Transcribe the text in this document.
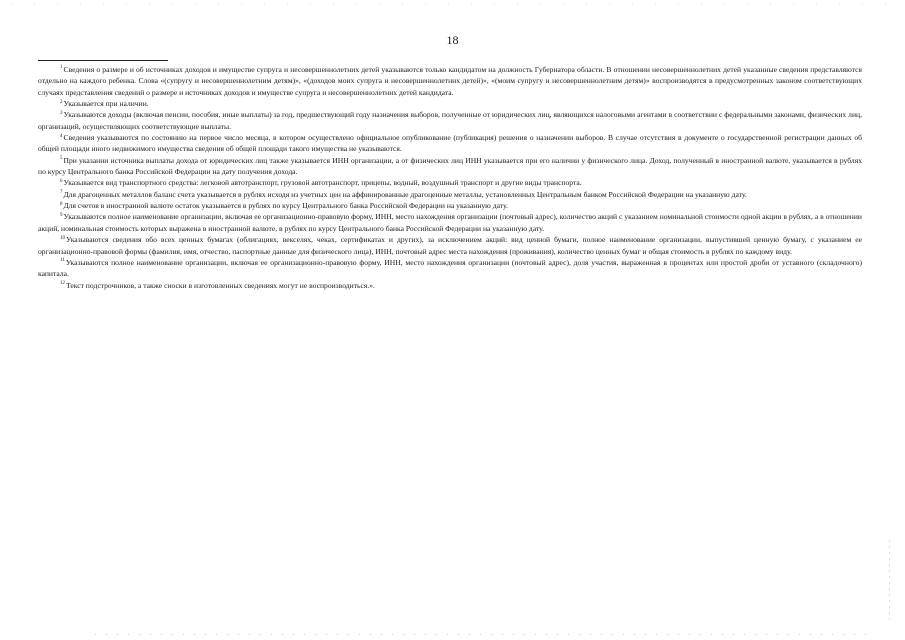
18

$^1$Сведения о размере и об источниках доходов и имуществе супруга и несовершеннолетних детей указываются только кандидатом на должность Губернатора области. В отношении несовершеннолетних детей указанные сведения представляются отдельно на каждого ребенка. Слова «(супругу и несовершеннолетним детям)», «(доходов моих супруга и несовершеннолетних детей)», «(моим супругу и несовершеннолетним детям)» воспроизводятся в предусмотренных законом соответствующих случаях представления сведений о размере и источниках доходов и имуществе супруга и несовершеннолетних детей кандидата.

$^2$Указывается при наличии.

$^3$Указываются доходы (включая пенсии, пособия, иные выплаты) за год, предшествующий году назначения выборов, полученные от юридических лиц, являющихся налоговыми агентами в соответствии с федеральными законами, физических лиц, организаций, осуществляющих соответствующие выплаты.

$^4$Сведения указываются по состоянию на первое число месяца, в котором осуществлено официальное опубликование (публикация) решения о назначении выборов. В случае отсутствия в документе о государственной регистрации данных об общей площади иного недвижимого имущества сведения об общей площади такого имущества не указываются.

$^5$При указании источника выплаты дохода от юридических лиц также указывается ИНН организации, а от физических лиц ИНН указывается при его наличии у физического лица. Доход, полученный в иностранной валюте, указывается в рублях по курсу Центрального банка Российской Федерации на дату получения дохода.

$^6$Указывается вид транспортного средства: легковой автотранспорт, грузовой автотранспорт, прицепы, водный, воздушный транспорт и другие виды транспорта.

$^7$Для драгоценных металлов баланс счета указывается в рублях исходя из учетных цен на аффинированные драгоценные металлы, установленных Центральным банком Российской Федерации на указанную дату.

$^8$Для счетов в иностранной валюте остаток указывается в рублях по курсу Центрального банка Российской Федерации на указанную дату.

$^9$Указываются полное наименование организации, включая ее организационно-правовую форму, ИНН, место нахождения организации (почтовый адрес), количество акций с указанием номинальной стоимости одной акции в рублях, а в отношении акций, номинальная стоимость которых выражена в иностранной валюте, в рублях по курсу Центрального банка Российской Федерации на указанную дату.

$^{10}$Указываются сведения обо всех ценных бумагах (облигациях, векселях, чеках, сертификатах и других), за исключением акций: вид ценной бумаги, полное наименование организации, выпустившей ценную бумагу, с указанием ее организационно-правовой формы (фамилия, имя, отчество, паспортные данные для физического лица), ИНН, почтовый адрес места нахождения (проживания), количество ценных бумаг и общая стоимость в рублях по каждому виду.

$^{11}$Указываются полное наименование организации, включая ее организационно-правовую форму, ИНН, место нахождения организации (почтовый адрес), доля участия, выраженная в процентах или простой дроби от уставного (складочного) капитала.

$^{12}$Текст подстрочников, а также сноски в изготовленных сведениях могут не воспроизводиться.».
